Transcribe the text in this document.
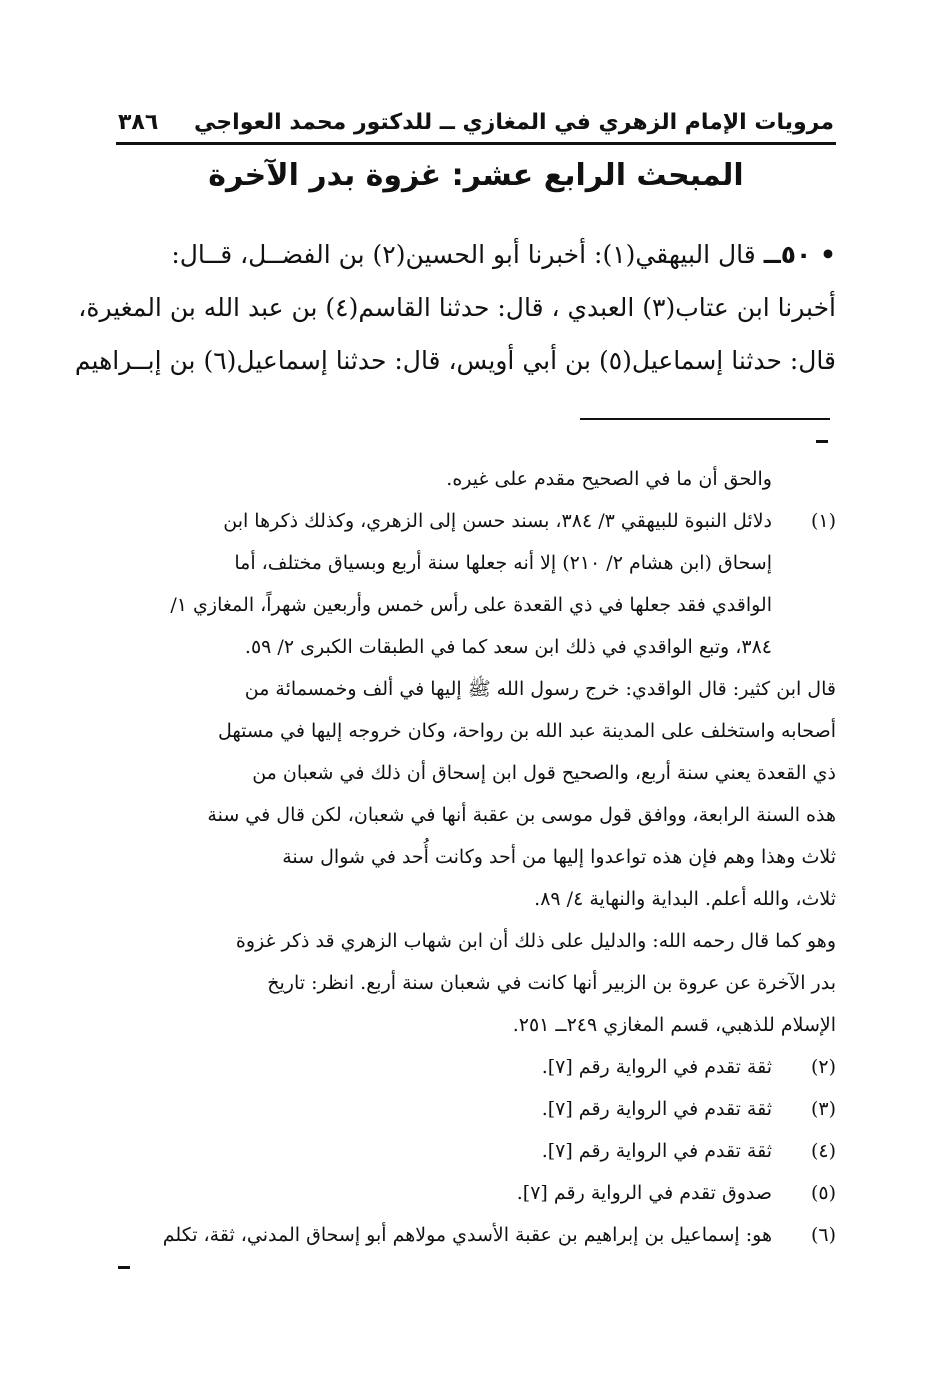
مرويات الإمام الزهري في المغازي ــ للدكتور محمد العواجي
٣٨٦
المبحث الرابع عشر: غزوة بدر الآخرة
• ٥٠ــ قال البيهقي(١): أخبرنا أبو الحسين(٢) بن الفضــل، قــال:
أخبرنا ابن عتاب(٣) العبدي ، قال: حدثنا القاسم(٤) بن عبد الله بن المغيرة،
قال: حدثنا إسماعيل(٥) بن أبي أويس، قال: حدثنا إسماعيل(٦) بن إبــراهيم
والحق أن ما في الصحيح مقدم على غيره.
(١)دلائل النبوة للبيهقي ٣/ ٣٨٤، بسند حسن إلى الزهري، وكذلك ذكرها ابن
إسحاق (ابن هشام ٢/ ٢١٠) إلا أنه جعلها سنة أربع وبسياق مختلف، أما
الواقدي فقد جعلها في ذي القعدة على رأس خمس وأربعين شهراً، المغازي ١/
٣٨٤، وتبع الواقدي في ذلك ابن سعد كما في الطبقات الكبرى ٢/ ٥٩.
قال ابن كثير: قال الواقدي: خرج رسول الله ﷺ إليها في ألف وخمسمائة من
أصحابه واستخلف على المدينة عبد الله بن رواحة، وكان خروجه إليها في مستهل
ذي القعدة يعني سنة أربع، والصحيح قول ابن إسحاق أن ذلك في شعبان من
هذه السنة الرابعة، ووافق قول موسى بن عقبة أنها في شعبان، لكن قال في سنة
ثلاث وهذا وهم فإن هذه تواعدوا إليها من أحد وكانت أُحد في شوال سنة
ثلاث، والله أعلم. البداية والنهاية ٤/ ٨٩.
وهو كما قال رحمه الله: والدليل على ذلك أن ابن شهاب الزهري قد ذكر غزوة
بدر الآخرة عن عروة بن الزبير أنها كانت في شعبان سنة أربع. انظر: تاريخ
الإسلام للذهبي، قسم المغازي ٢٤٩ــ ٢٥١.
(٢)ثقة تقدم في الرواية رقم [٧].
(٣)ثقة تقدم في الرواية رقم [٧].
(٤)ثقة تقدم في الرواية رقم [٧].
(٥)صدوق تقدم في الرواية رقم [٧].
(٦)هو: إسماعيل بن إبراهيم بن عقبة الأسدي مولاهم أبو إسحاق المدني، ثقة، تكلم
